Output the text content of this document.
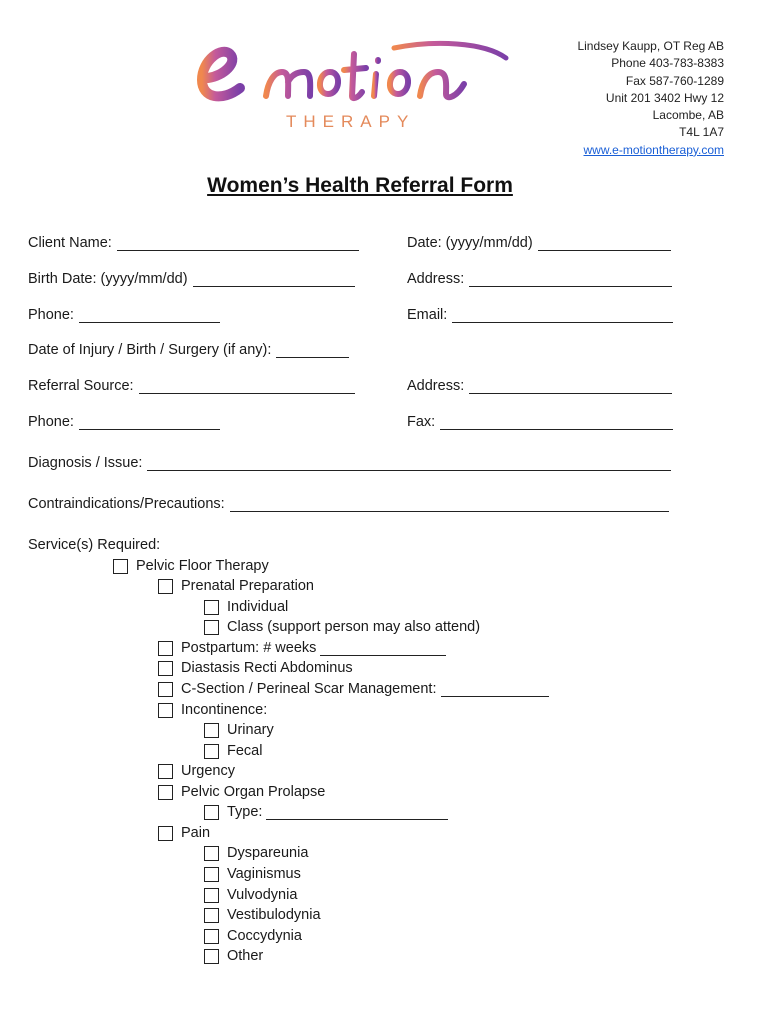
THERAPY
Lindsey Kaupp, OT Reg AB
Phone 403-783-8383
Fax 587-760-1289
Unit 201 3402 Hwy 12
Lacombe, AB
T4L 1A7
www.e-motiontherapy.com
Women’s Health Referral Form
Client Name:	Date: (yyyy/mm/dd)
Birth Date: (yyyy/mm/dd)	Address:
Phone:	Email:
Date of Injury / Birth / Surgery (if any):
Referral Source:	Address:
Phone:	Fax:
Diagnosis / Issue:
Contraindications/Precautions:
Service(s) Required:
Pelvic Floor Therapy
Prenatal Preparation
Individual
Class (support person may also attend)
Postpartum: # weeks
Diastasis Recti Abdominus
C-Section / Perineal Scar Management:
Incontinence:
Urinary
Fecal
Urgency
Pelvic Organ Prolapse
Type:
Pain
Dyspareunia
Vaginismus
Vulvodynia
Vestibulodynia
Coccydynia
Other
